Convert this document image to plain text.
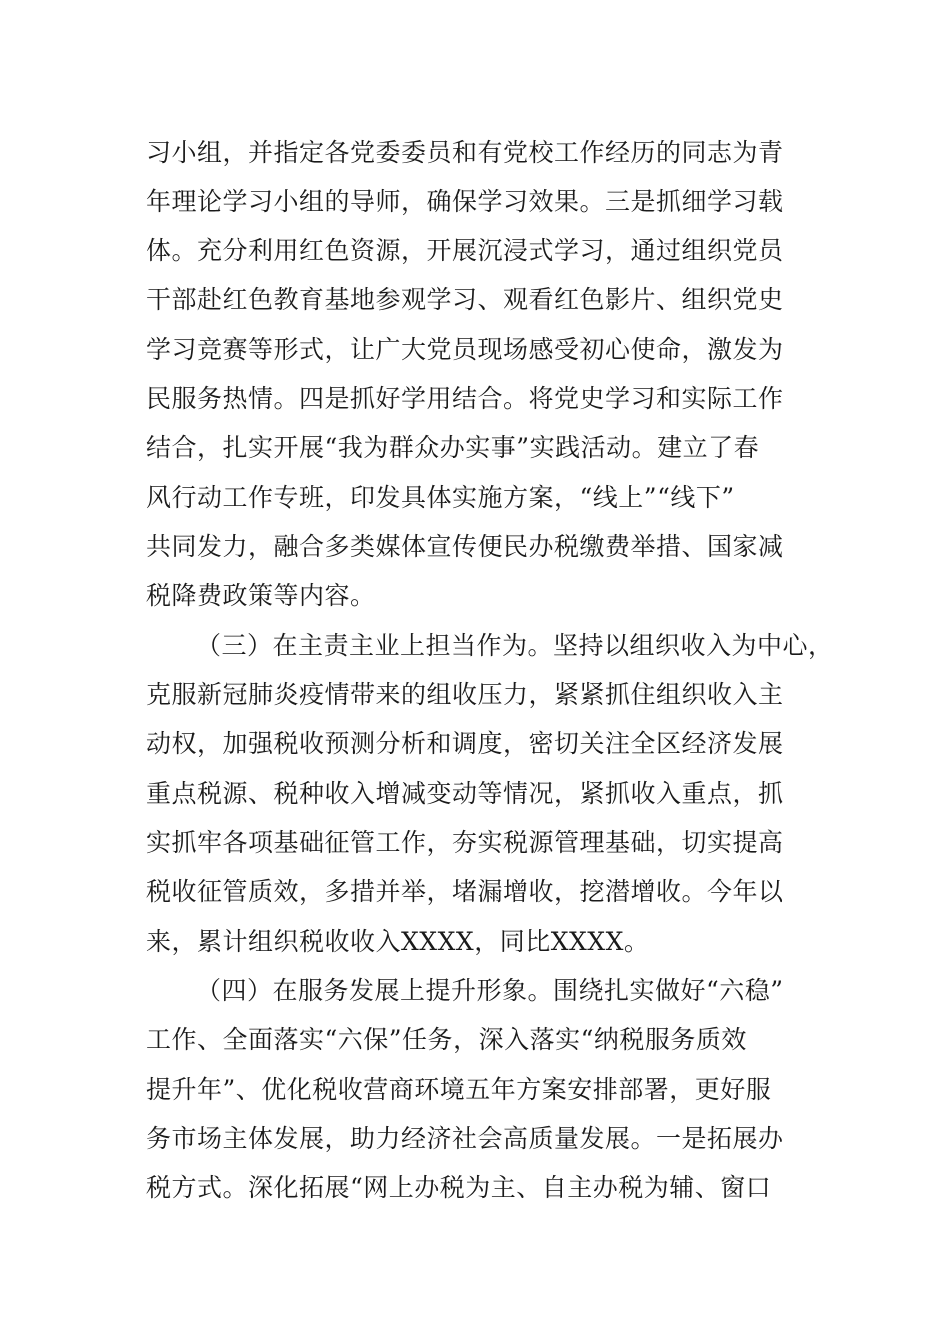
习小组，并指定各党委委员和有党校工作经历的同志为青
年理论学习小组的导师，确保学习效果。三是抓细学习载
体。充分利用红色资源，开展沉浸式学习，通过组织党员
干部赴红色教育基地参观学习、观看红色影片、组织党史
学习竞赛等形式，让广大党员现场感受初心使命，激发为
民服务热情。四是抓好学用结合。将党史学习和实际工作
结合，扎实开展“我为群众办实事”实践活动。建立了春
风行动工作专班，印发具体实施方案，“线上”“线下”
共同发力，融合多类媒体宣传便民办税缴费举措、国家减
税降费政策等内容。
（三）在主责主业上担当作为。坚持以组织收入为中心，
克服新冠肺炎疫情带来的组收压力，紧紧抓住组织收入主
动权，加强税收预测分析和调度，密切关注全区经济发展
重点税源、税种收入增减变动等情况，紧抓收入重点，抓
实抓牢各项基础征管工作，夯实税源管理基础，切实提高
税收征管质效，多措并举，堵漏增收，挖潜增收。今年以
来，累计组织税收收入XXXX，同比XXXX。
（四）在服务发展上提升形象。围绕扎实做好“六稳”
工作、全面落实“六保”任务，深入落实“纳税服务质效
提升年”、优化税收营商环境五年方案安排部署，更好服
务市场主体发展，助力经济社会高质量发展。一是拓展办
税方式。深化拓展“网上办税为主、自主办税为辅、窗口
